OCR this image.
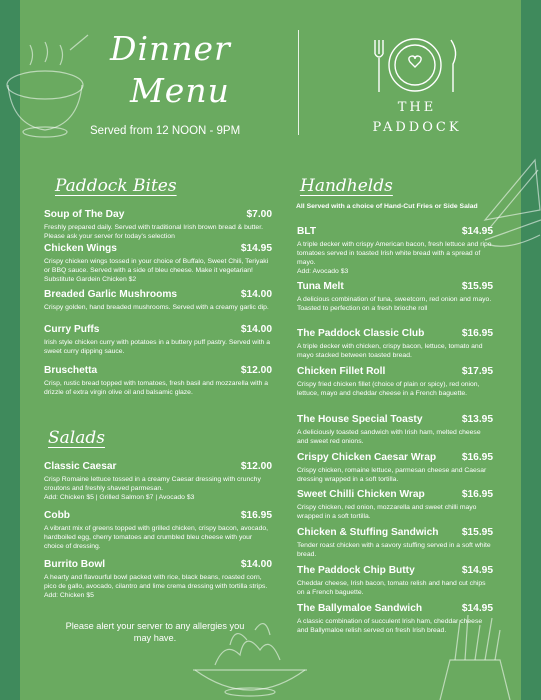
Dinner
Menu
Served from 12 NOON - 9PM
THE
PADDOCK
Paddock Bites
Soup of The Day	$7.00
Freshly prepared daily. Served with traditional Irish brown bread & butter. Please ask your server for today's selection
Chicken Wings	$14.95
Crispy chicken wings tossed in your choice of Buffalo, Sweet Chili, Teriyaki or BBQ sauce. Served with a side of bleu cheese. Make it vegetarian! Substitute Gardein Chicken $2
Breaded Garlic Mushrooms	$14.00
Crispy golden, hand breaded mushrooms. Served with a creamy garlic dip.
Curry Puffs	$14.00
Irish style chicken curry with potatoes in a buttery puff pastry. Served with a sweet curry dipping sauce.
Bruschetta	$12.00
Crisp, rustic bread topped with tomatoes, fresh basil and mozzarella with a drizzle of extra virgin olive oil and balsamic glaze.
Salads
Classic Caesar	$12.00
Crisp Romaine lettuce tossed in a creamy Caesar dressing with crunchy croutons and freshly shaved parmesan.
Add: Chicken $5 | Grilled Salmon $7 | Avocado $3
Cobb	$16.95
A vibrant mix of greens topped with grilled chicken, crispy bacon, avocado, hardboiled egg, cherry tomatoes and crumbled bleu cheese with your choice of dressing.
Burrito Bowl	$14.00
A hearty and flavourful bowl packed with rice, black beans, roasted corn, pico de gallo, avocado, cilantro and lime crema dressing with tortilla strips.
Add: Chicken $5
Please alert your server to any allergies you
may have.
Handhelds
All Served with a choice of Hand-Cut Fries or Side Salad
BLT	$14.95
A triple decker with crispy American bacon, fresh lettuce and ripe tomatoes served in toasted Irish white bread with a spread of mayo.
Add: Avocado $3
Tuna Melt	$15.95
A delicious combination of tuna, sweetcorn, red onion and mayo. Toasted to perfection on a fresh brioche roll
The Paddock Classic Club	$16.95
A triple decker with chicken, crispy bacon, lettuce, tomato and mayo stacked between toasted bread.
Chicken Fillet Roll	$17.95
Crispy fried chicken fillet (choice of plain or spicy), red onion, lettuce, mayo and cheddar cheese in a French baguette.
The House Special Toasty	$13.95
A deliciously toasted sandwich with Irish ham, melted cheese and sweet red onions.
Crispy Chicken Caesar Wrap	$16.95
Crispy chicken, romaine lettuce, parmesan cheese and Caesar dressing wrapped in a soft tortilla.
Sweet Chilli Chicken Wrap	$16.95
Crispy chicken, red onion, mozzarella and sweet chilli mayo wrapped in a soft tortilla.
Chicken & Stuffing Sandwich	$15.95
Tender roast chicken with a savory stuffing served in a soft white bread.
The Paddock Chip Butty	$14.95
Cheddar cheese, Irish bacon, tomato relish and hand cut chips on a French baguette.
The Ballymaloe Sandwich	$14.95
A classic combination of succulent Irish ham, cheddar cheese and Ballymaloe relish served on fresh Irish bread.
